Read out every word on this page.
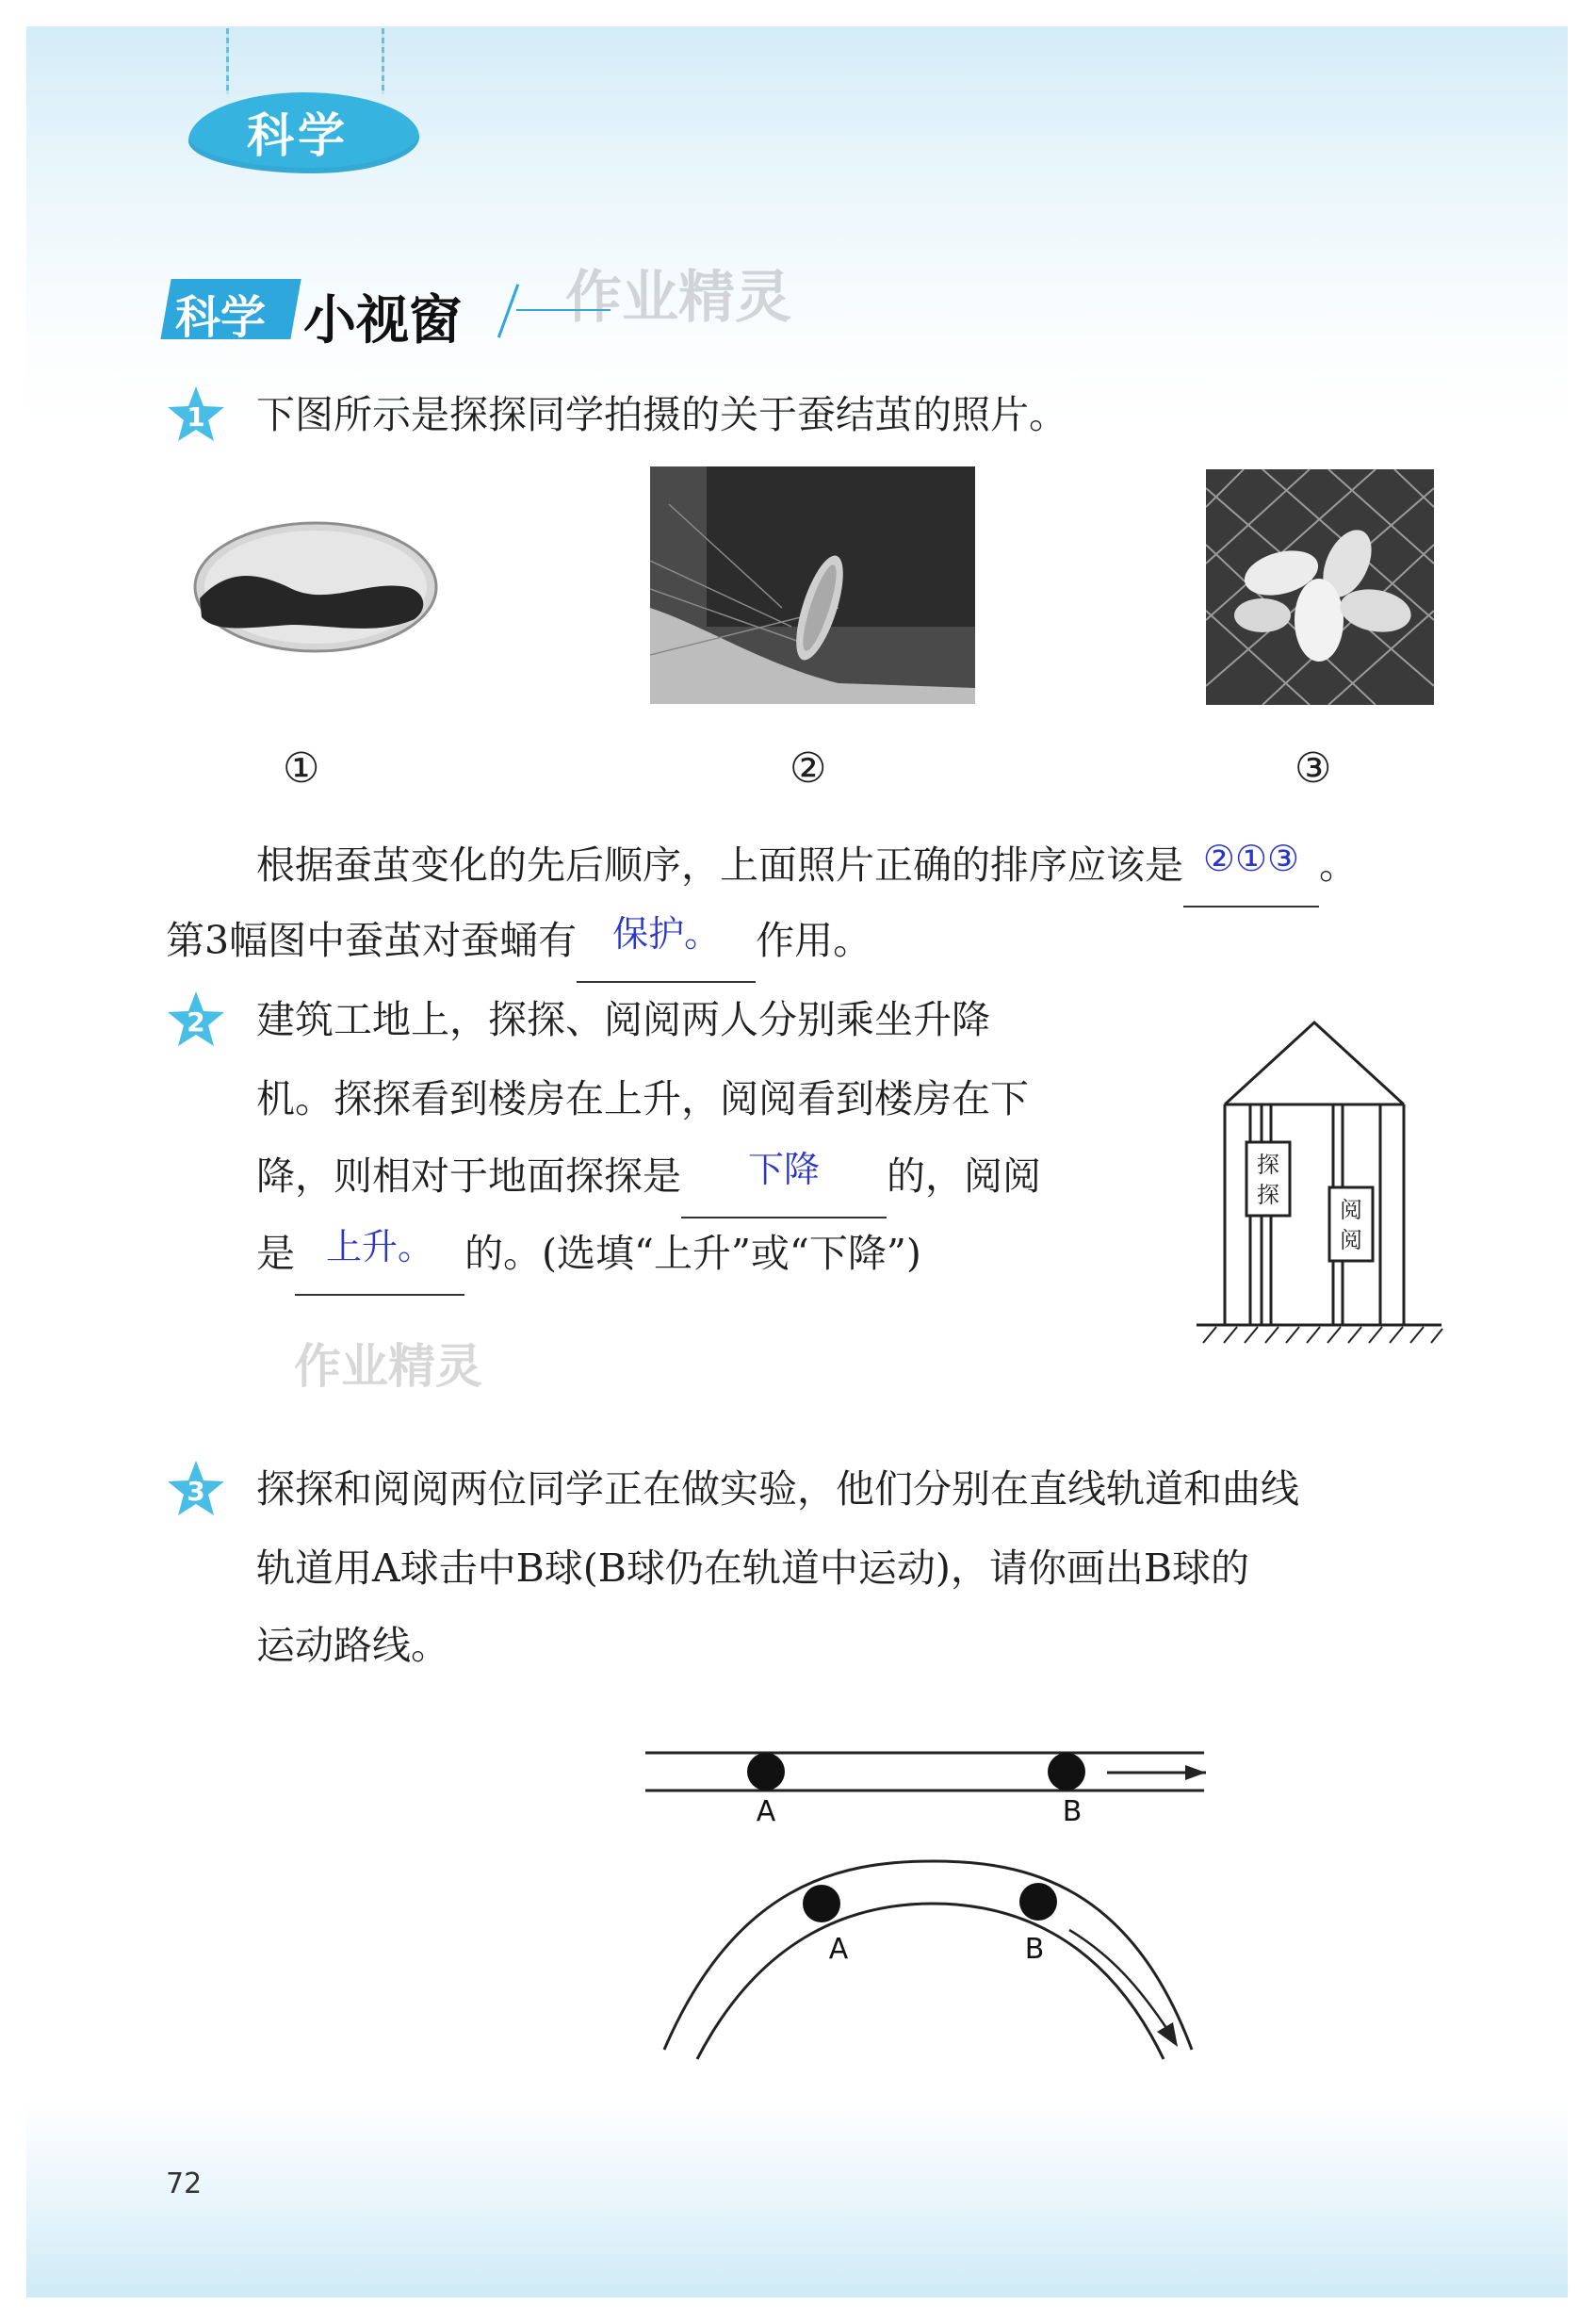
科学
科学 小视窗 作业精灵
1 下图所示是探探同学拍摄的关于蚕结茧的照片。
①	②	③
根据蚕茧变化的先后顺序，上面照片正确的排序应该是 ②①③ 。
第3幅图中蚕茧对蚕蛹有 保护。 作用。
2 建筑工地上，探探、阅阅两人分别乘坐升降
机。探探看到楼房在上升，阅阅看到楼房在下
降，则相对于地面探探是 下降 的，阅阅
是 上升。 的。(选填“上升”或“下降”)
探
探
阅
阅
作业精灵
3 探探和阅阅两位同学正在做实验，他们分别在直线轨道和曲线
轨道用A球击中B球(B球仍在轨道中运动)，请你画出B球的
运动路线。
A	B
A	B
72
